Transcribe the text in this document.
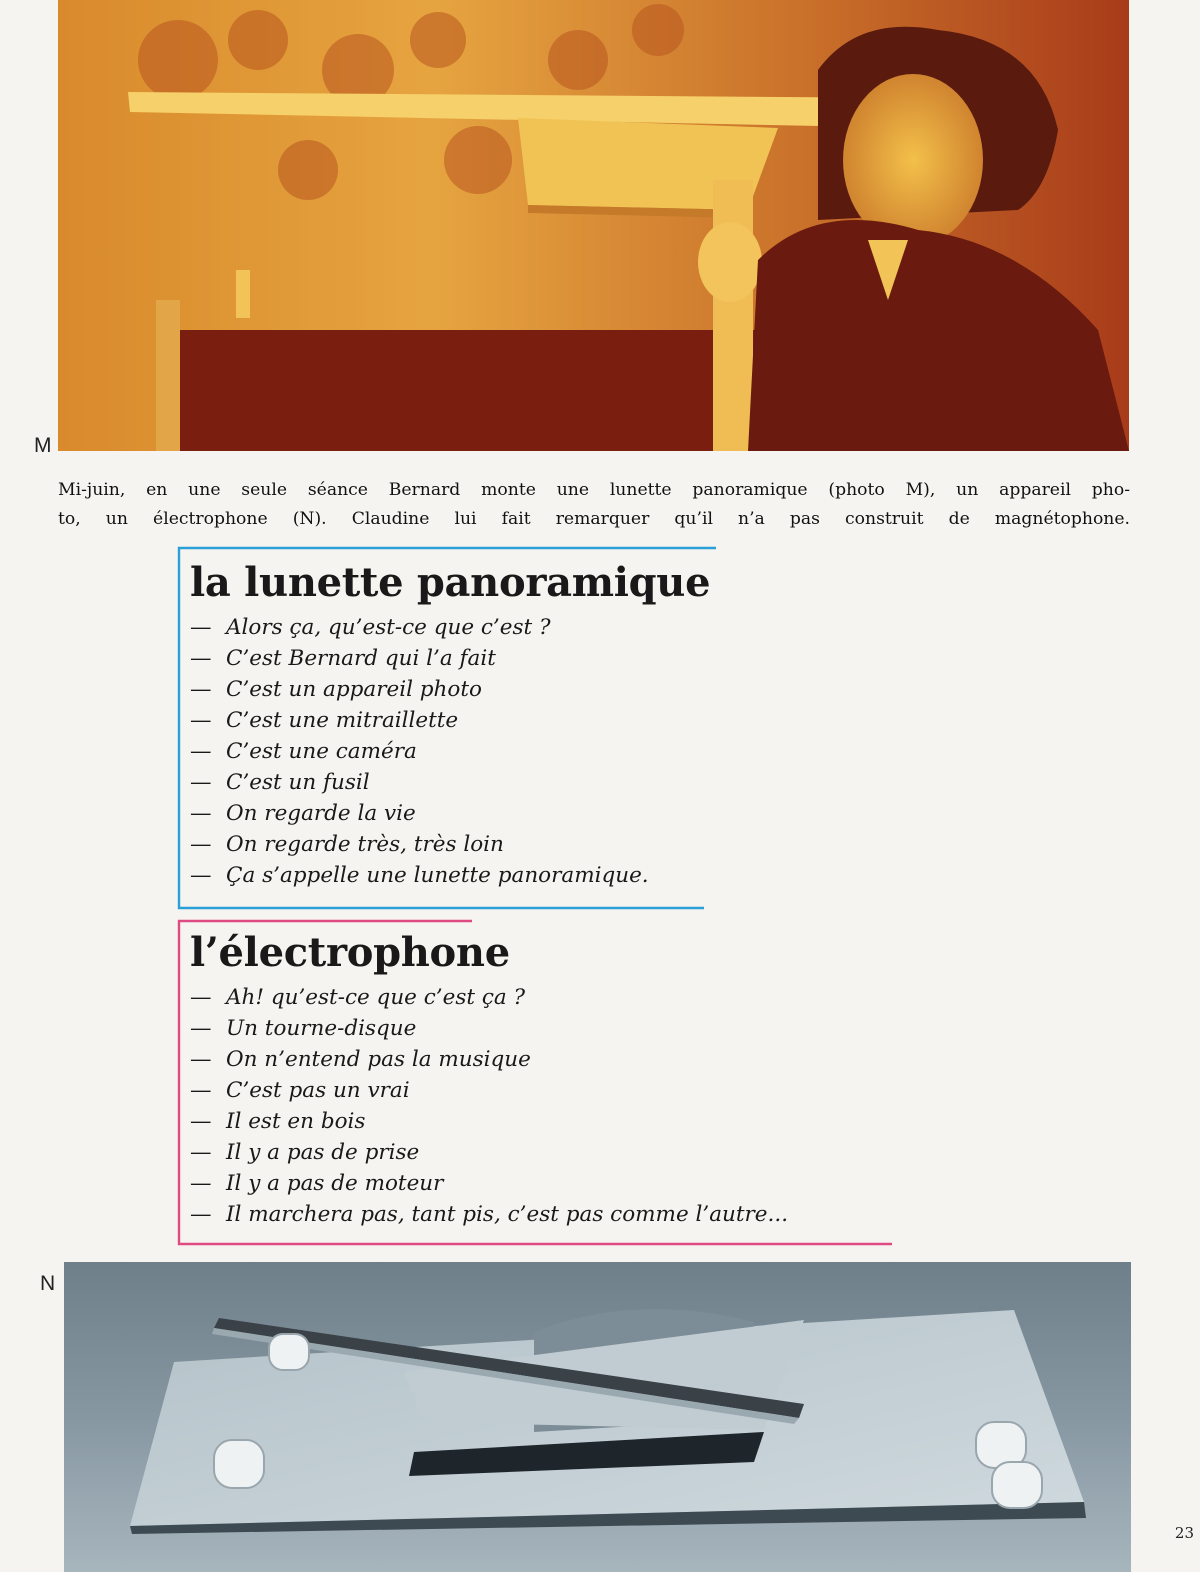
M
Mi-juin, en une seule séance Bernard monte une lunette panoramique (photo M), un appareil pho-
to, un électrophone (N). Claudine lui fait remarquer qu’il n’a pas construit de magnétophone.
la lunette panoramique
— Alors ça, qu’est-ce que c’est ?
— C’est Bernard qui l’a fait
— C’est un appareil photo
— C’est une mitraillette
— C’est une caméra
— C’est un fusil
— On regarde la vie
— On regarde très, très loin
— Ça s’appelle une lunette panoramique.
l’électrophone
— Ah! qu’est-ce que c’est ça ?
— Un tourne-disque
— On n’entend pas la musique
— C’est pas un vrai
— Il est en bois
— Il y a pas de prise
— Il y a pas de moteur
— Il marchera pas, tant pis, c’est pas comme l’autre...
N
23
